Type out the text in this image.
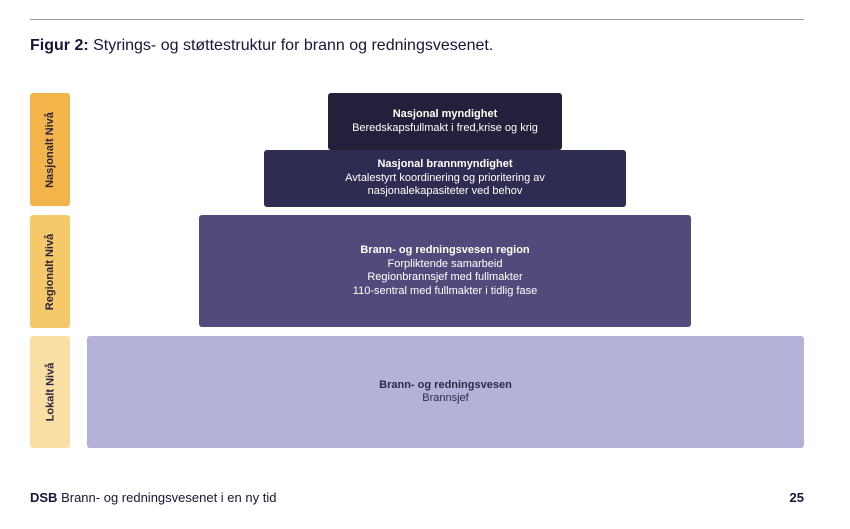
Figur 2: Styrings- og støttestruktur for brann og redningsvesenet.
Nasjonalt Nivå
Regionalt Nivå
Lokalt Nivå
Nasjonal myndighet
Beredskapsfullmakt i fred,krise og krig
Nasjonal brannmyndighet
Avtalestyrt koordinering og prioritering av
nasjonalekapasiteter ved behov
Brann- og redningsvesen region
Forpliktende samarbeid
Regionbrannsjef med fullmakter
110-sentral med fullmakter i tidlig fase
Brann- og redningsvesen
Brannsjef
DSB Brann- og redningsvesenet i en ny tid	25
